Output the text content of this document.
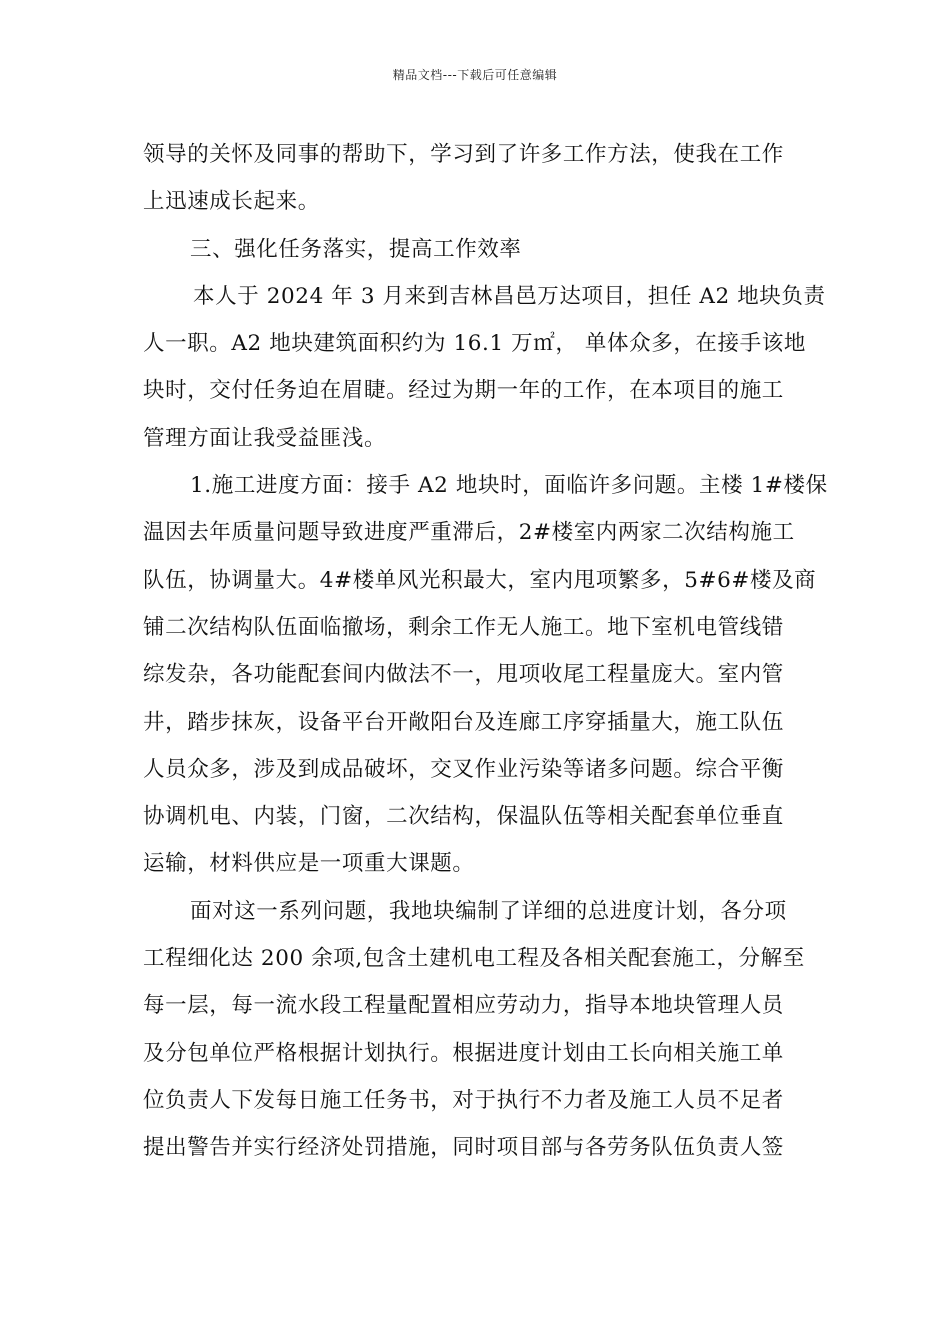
精品文档---下载后可任意编辑
领导的关怀及同事的帮助下，学习到了许多工作方法，使我在工作
上迅速成长起来。
三、强化任务落实，提高工作效率
本人于 2024 年 3 月来到吉林昌邑万达项目，担任 A2 地块负责
人一职。A2 地块建筑面积约为 16.1 万㎡， 单体众多，在接手该地
块时，交付任务迫在眉睫。经过为期一年的工作，在本项目的施工
管理方面让我受益匪浅。
1.施工进度方面：接手 A2 地块时，面临许多问题。主楼 1#楼保
温因去年质量问题导致进度严重滞后，2#楼室内两家二次结构施工
队伍，协调量大。4#楼单风光积最大，室内甩项繁多，5#6#楼及商
铺二次结构队伍面临撤场，剩余工作无人施工。地下室机电管线错
综发杂，各功能配套间内做法不一，甩项收尾工程量庞大。室内管
井，踏步抹灰，设备平台开敞阳台及连廊工序穿插量大，施工队伍
人员众多，涉及到成品破坏，交叉作业污染等诸多问题。综合平衡
协调机电、内装，门窗，二次结构，保温队伍等相关配套单位垂直
运输，材料供应是一项重大课题。
面对这一系列问题，我地块编制了详细的总进度计划，各分项
工程细化达 200 余项,包含土建机电工程及各相关配套施工，分解至
每一层，每一流水段工程量配置相应劳动力，指导本地块管理人员
及分包单位严格根据计划执行。根据进度计划由工长向相关施工单
位负责人下发每日施工任务书，对于执行不力者及施工人员不足者
提出警告并实行经济处罚措施，同时项目部与各劳务队伍负责人签
